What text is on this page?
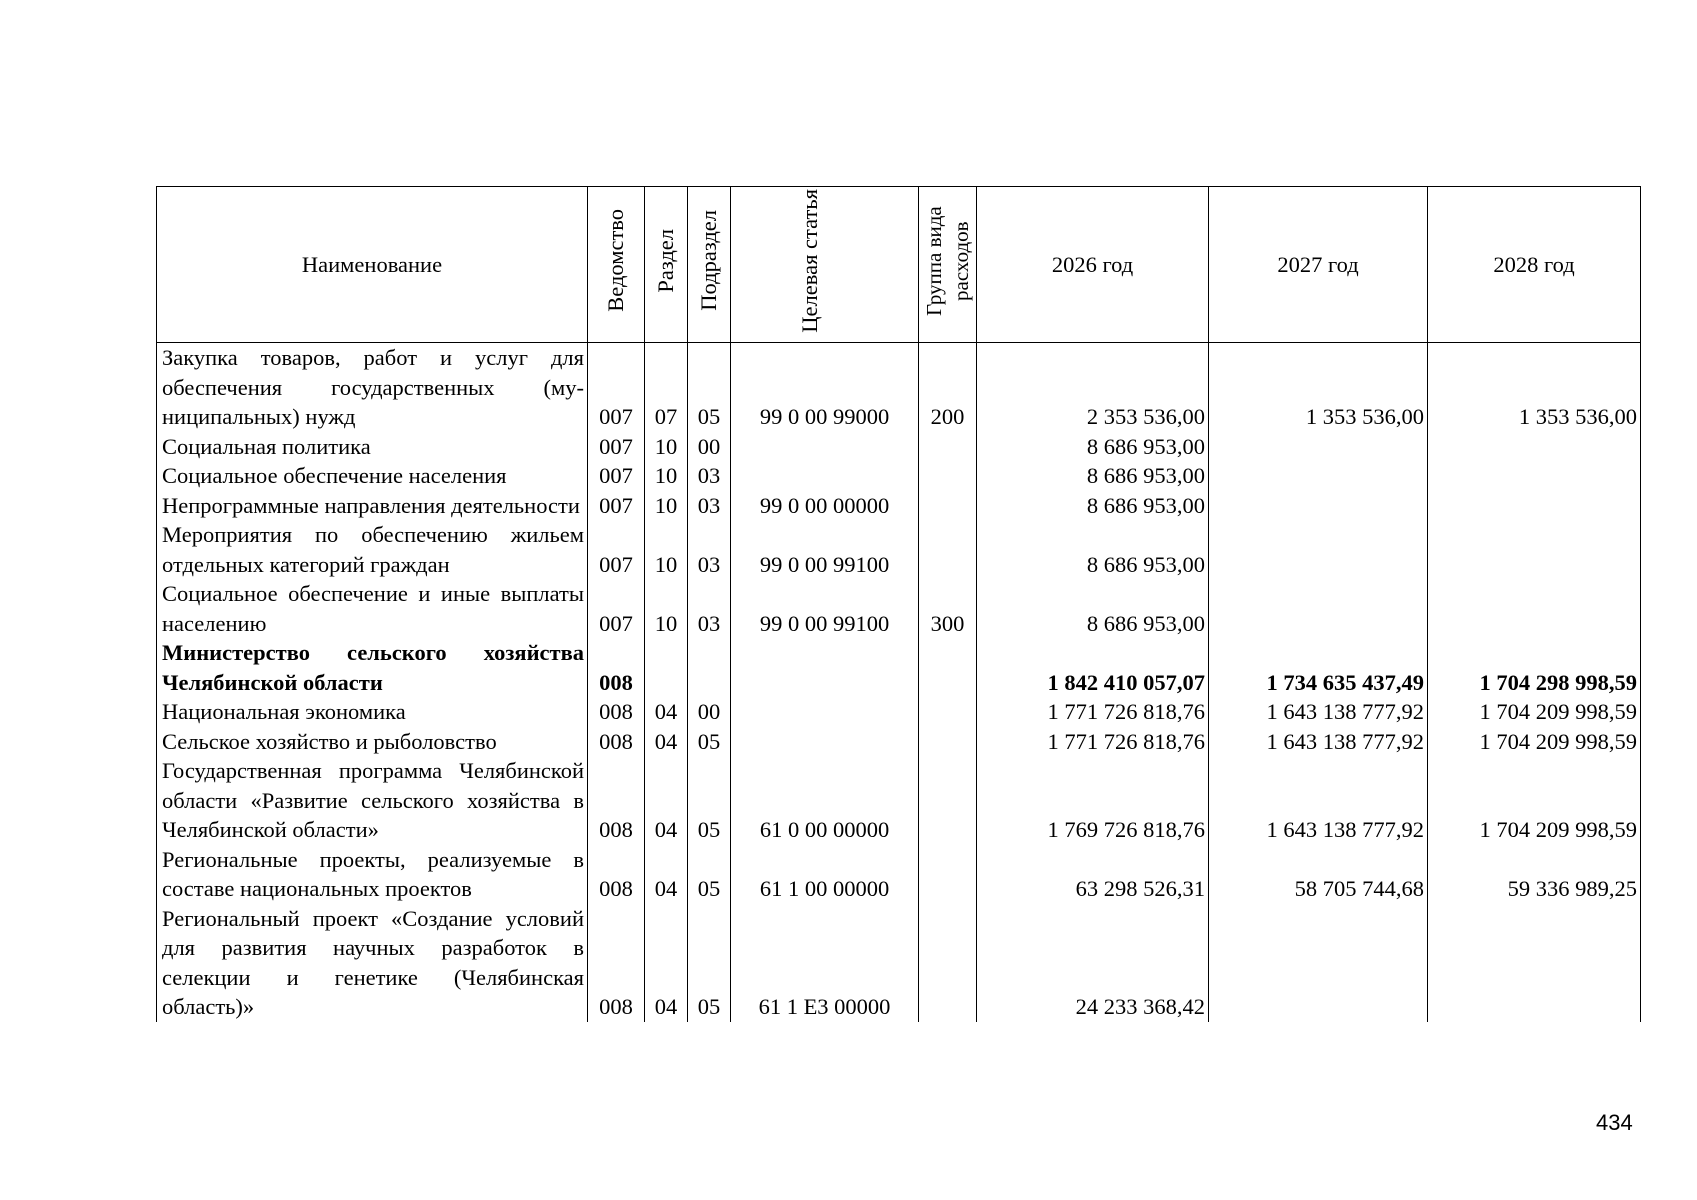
Наименование	Ведомство	Раздел	Подраздел	Целевая статья	Группа вида расходов	2026 год	2027 год	2028 год
Закупка товаров, работ и услуг для обеспечения государственных (муниципальных) нужд	007	07	05	99 0 00 99000	200	2 353 536,00	1 353 536,00	1 353 536,00
Социальная политика	007	10	00			8 686 953,00		
Социальное обеспечение населения	007	10	03			8 686 953,00		
Непрограммные направления деятельности	007	10	03	99 0 00 00000		8 686 953,00		
Мероприятия по обеспечению жильем отдельных категорий граждан	007	10	03	99 0 00 99100		8 686 953,00		
Социальное обеспечение и иные выплаты населению	007	10	03	99 0 00 99100	300	8 686 953,00		
Министерство сельского хозяйства Челябинской области	008					1 842 410 057,07	1 734 635 437,49	1 704 298 998,59
Национальная экономика	008	04	00			1 771 726 818,76	1 643 138 777,92	1 704 209 998,59
Сельское хозяйство и рыболовство	008	04	05			1 771 726 818,76	1 643 138 777,92	1 704 209 998,59
Государственная программа Челябинской области «Развитие сельского хозяйства в Челябинской области»	008	04	05	61 0 00 00000		1 769 726 818,76	1 643 138 777,92	1 704 209 998,59
Региональные проекты, реализуемые в составе национальных проектов	008	04	05	61 1 00 00000		63 298 526,31	58 705 744,68	59 336 989,25
Региональный проект «Создание условий для развития научных разработок в селекции и генетике (Челябинская область)»	008	04	05	61 1 Е3 00000		24 233 368,42		
434
